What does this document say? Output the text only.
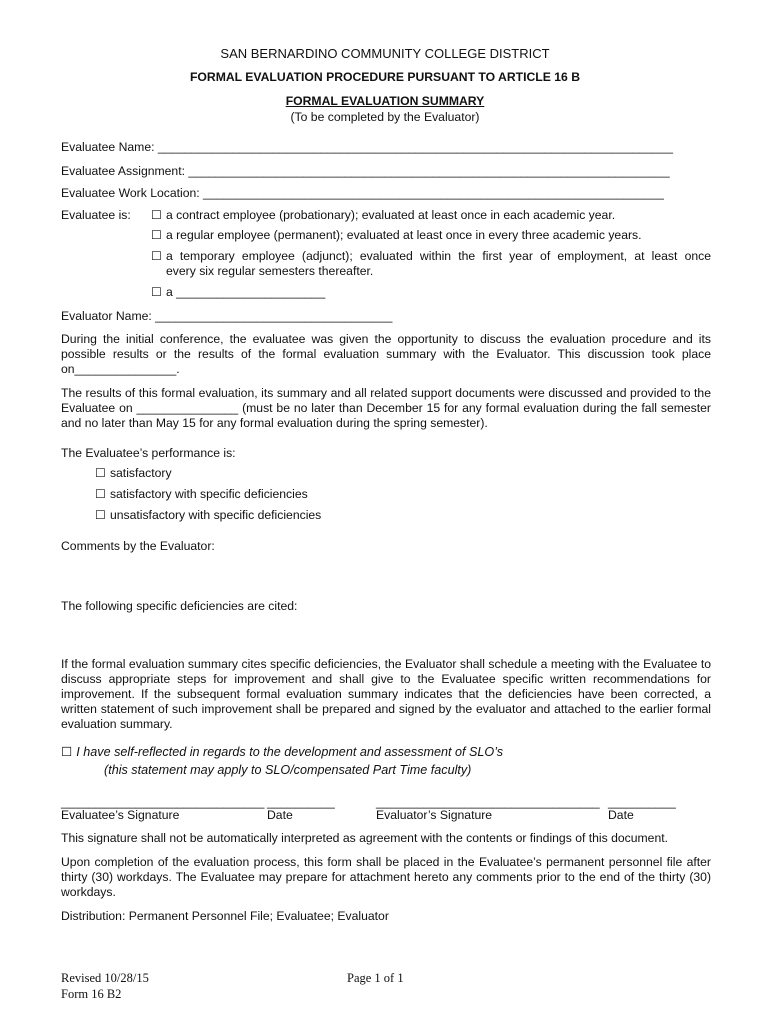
SAN BERNARDINO COMMUNITY COLLEGE DISTRICT
FORMAL EVALUATION PROCEDURE PURSUANT TO ARTICLE 16 B
FORMAL EVALUATION SUMMARY
(To be completed by the Evaluator)
Evaluatee Name: ____________________________________________________________________________
Evaluatee Assignment: _______________________________________________________________________
Evaluatee Work Location: ____________________________________________________________________
Evaluatee is: ☐ a contract employee (probationary); evaluated at least once in each academic year.
☐ a regular employee (permanent); evaluated at least once in every three academic years.
☐ a temporary employee (adjunct); evaluated within the first year of employment, at least once
every six regular semesters thereafter.
☐ a ______________________
Evaluator Name: ___________________________________
During the initial conference, the evaluatee was given the opportunity to discuss the evaluation procedure and its possible results or the results of the formal evaluation summary with the Evaluator. This discussion took place on_______________.
The results of this formal evaluation, its summary and all related support documents were discussed and provided to the Evaluatee on _______________ (must be no later than December 15 for any formal evaluation during the fall semester and no later than May 15 for any formal evaluation during the spring semester).
The Evaluatee’s performance is:
☐ satisfactory
☐ satisfactory with specific deficiencies
☐ unsatisfactory with specific deficiencies
Comments by the Evaluator:
The following specific deficiencies are cited:
If the formal evaluation summary cites specific deficiencies, the Evaluator shall schedule a meeting with the Evaluatee to discuss appropriate steps for improvement and shall give to the Evaluatee specific written recommendations for improvement. If the subsequent formal evaluation summary indicates that the deficiencies have been corrected, a written statement of such improvement shall be prepared and signed by the evaluator and attached to the earlier formal evaluation summary.
☐ I have self-reflected in regards to the development and assessment of SLO’s
(this statement may apply to SLO/compensated Part Time faculty)
______________________________ __________	_________________________________ __________
Evaluatee’s Signature	Date	Evaluator’s Signature	Date
This signature shall not be automatically interpreted as agreement with the contents or findings of this document.
Upon completion of the evaluation process, this form shall be placed in the Evaluatee’s permanent personnel file after thirty (30) workdays. The Evaluatee may prepare for attachment hereto any comments prior to the end of the thirty (30) workdays.
Distribution: Permanent Personnel File; Evaluatee; Evaluator
Revised 10/28/15
Form 16 B2
Page 1 of 1
